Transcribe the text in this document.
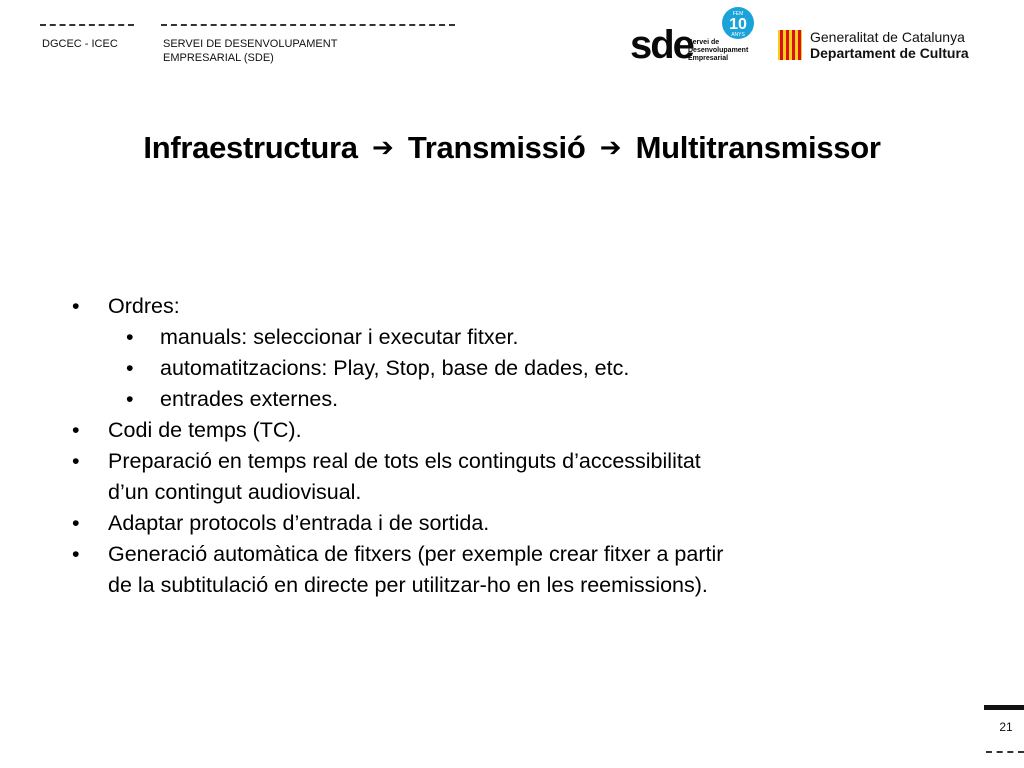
DGCEC - ICEC	SERVEI DE DESENVOLUPAMENT
EMPRESARIAL (SDE)	sde
FEM
10
ANYS
Servei de
Desenvolupament
Empresarial
Generalitat de Catalunya
Departament de Cultura
Infraestructura ➔ Transmissió ➔ Multitransmissor
• Ordres:
• manuals: seleccionar i executar fitxer.
• automatitzacions: Play, Stop, base de dades, etc.
• entrades externes.
• Codi de temps (TC).
• Preparació en temps real de tots els continguts d’accessibilitat
d’un contingut audiovisual.
• Adaptar protocols d’entrada i de sortida.
• Generació automàtica de fitxers (per exemple crear fitxer a partir
de la subtitulació en directe per utilitzar-ho en les reemissions).
21
